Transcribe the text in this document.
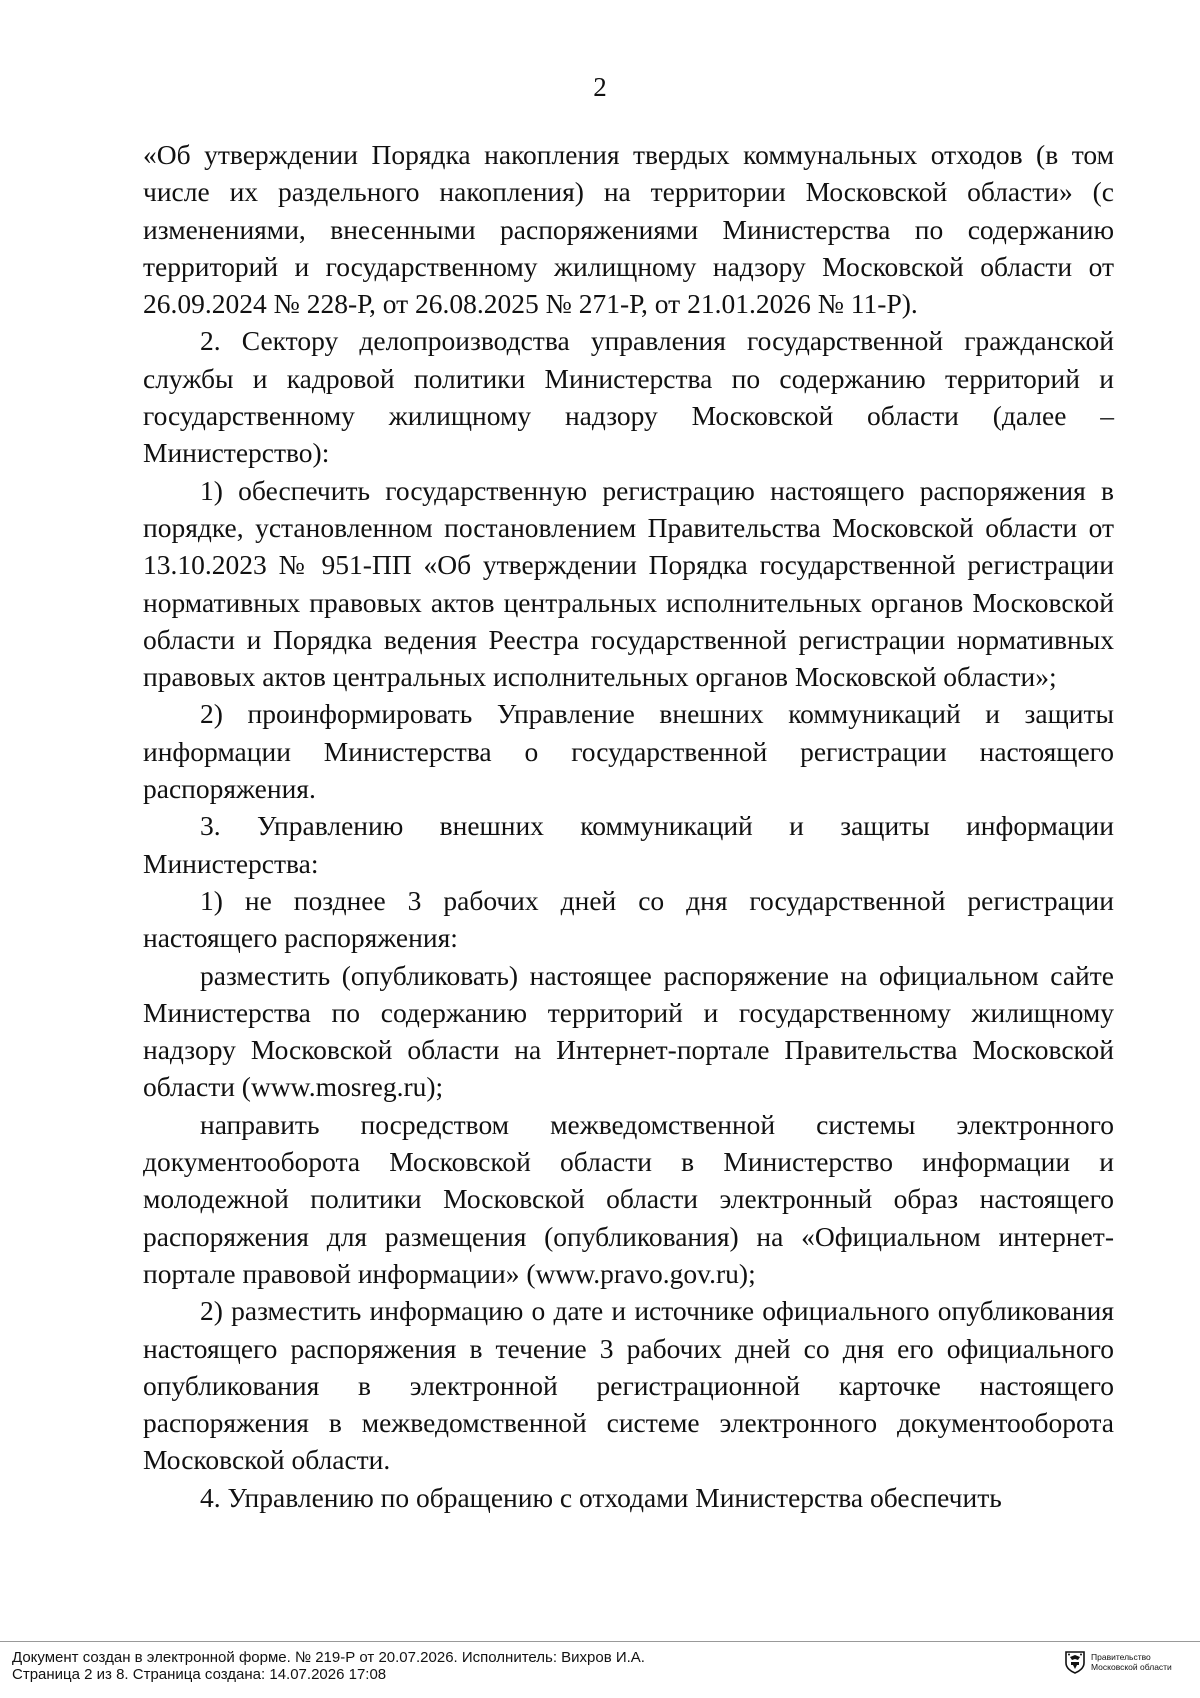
2

«Об утверждении Порядка накопления твердых коммунальных отходов (в том числе их раздельного накопления) на территории Московской области» (с изменениями, внесенными распоряжениями Министерства по содержанию территорий и государственному жилищному надзору Московской области от 26.09.2024 № 228-Р, от 26.08.2025 № 271-Р, от 21.01.2026 № 11-Р).

2. Сектору делопроизводства управления государственной гражданской службы и кадровой политики Министерства по содержанию территорий и государственному жилищному надзору Московской области (далее – Министерство):

1) обеспечить государственную регистрацию настоящего распоряжения в порядке, установленном постановлением Правительства Московской области от 13.10.2023 № 951-ПП «Об утверждении Порядка государственной регистрации нормативных правовых актов центральных исполнительных органов Московской области и Порядка ведения Реестра государственной регистрации нормативных правовых актов центральных исполнительных органов Московской области»;

2) проинформировать Управление внешних коммуникаций и защиты информации Министерства о государственной регистрации настоящего распоряжения.

3. Управлению внешних коммуникаций и защиты информации Министерства:

1) не позднее 3 рабочих дней со дня государственной регистрации настоящего распоряжения:

разместить (опубликовать) настоящее распоряжение на официальном сайте Министерства по содержанию территорий и государственному жилищному надзору Московской области на Интернет-портале Правительства Московской области (www.mosreg.ru);

направить посредством межведомственной системы электронного документооборота Московской области в Министерство информации и молодежной политики Московской области электронный образ настоящего распоряжения для размещения (опубликования) на «Официальном интернет-портале правовой информации» (www.pravo.gov.ru);

2) разместить информацию о дате и источнике официального опубликования настоящего распоряжения в течение 3 рабочих дней со дня его официального опубликования в электронной регистрационной карточке настоящего распоряжения в межведомственной системе электронного документооборота Московской области.

4. Управлению по обращению с отходами Министерства обеспечить

Документ создан в электронной форме. № 219-Р от 20.07.2026. Исполнитель: Вихров И.А.
Страница 2 из 8. Страница создана: 14.07.2026 17:08
Правительство
Московской области
